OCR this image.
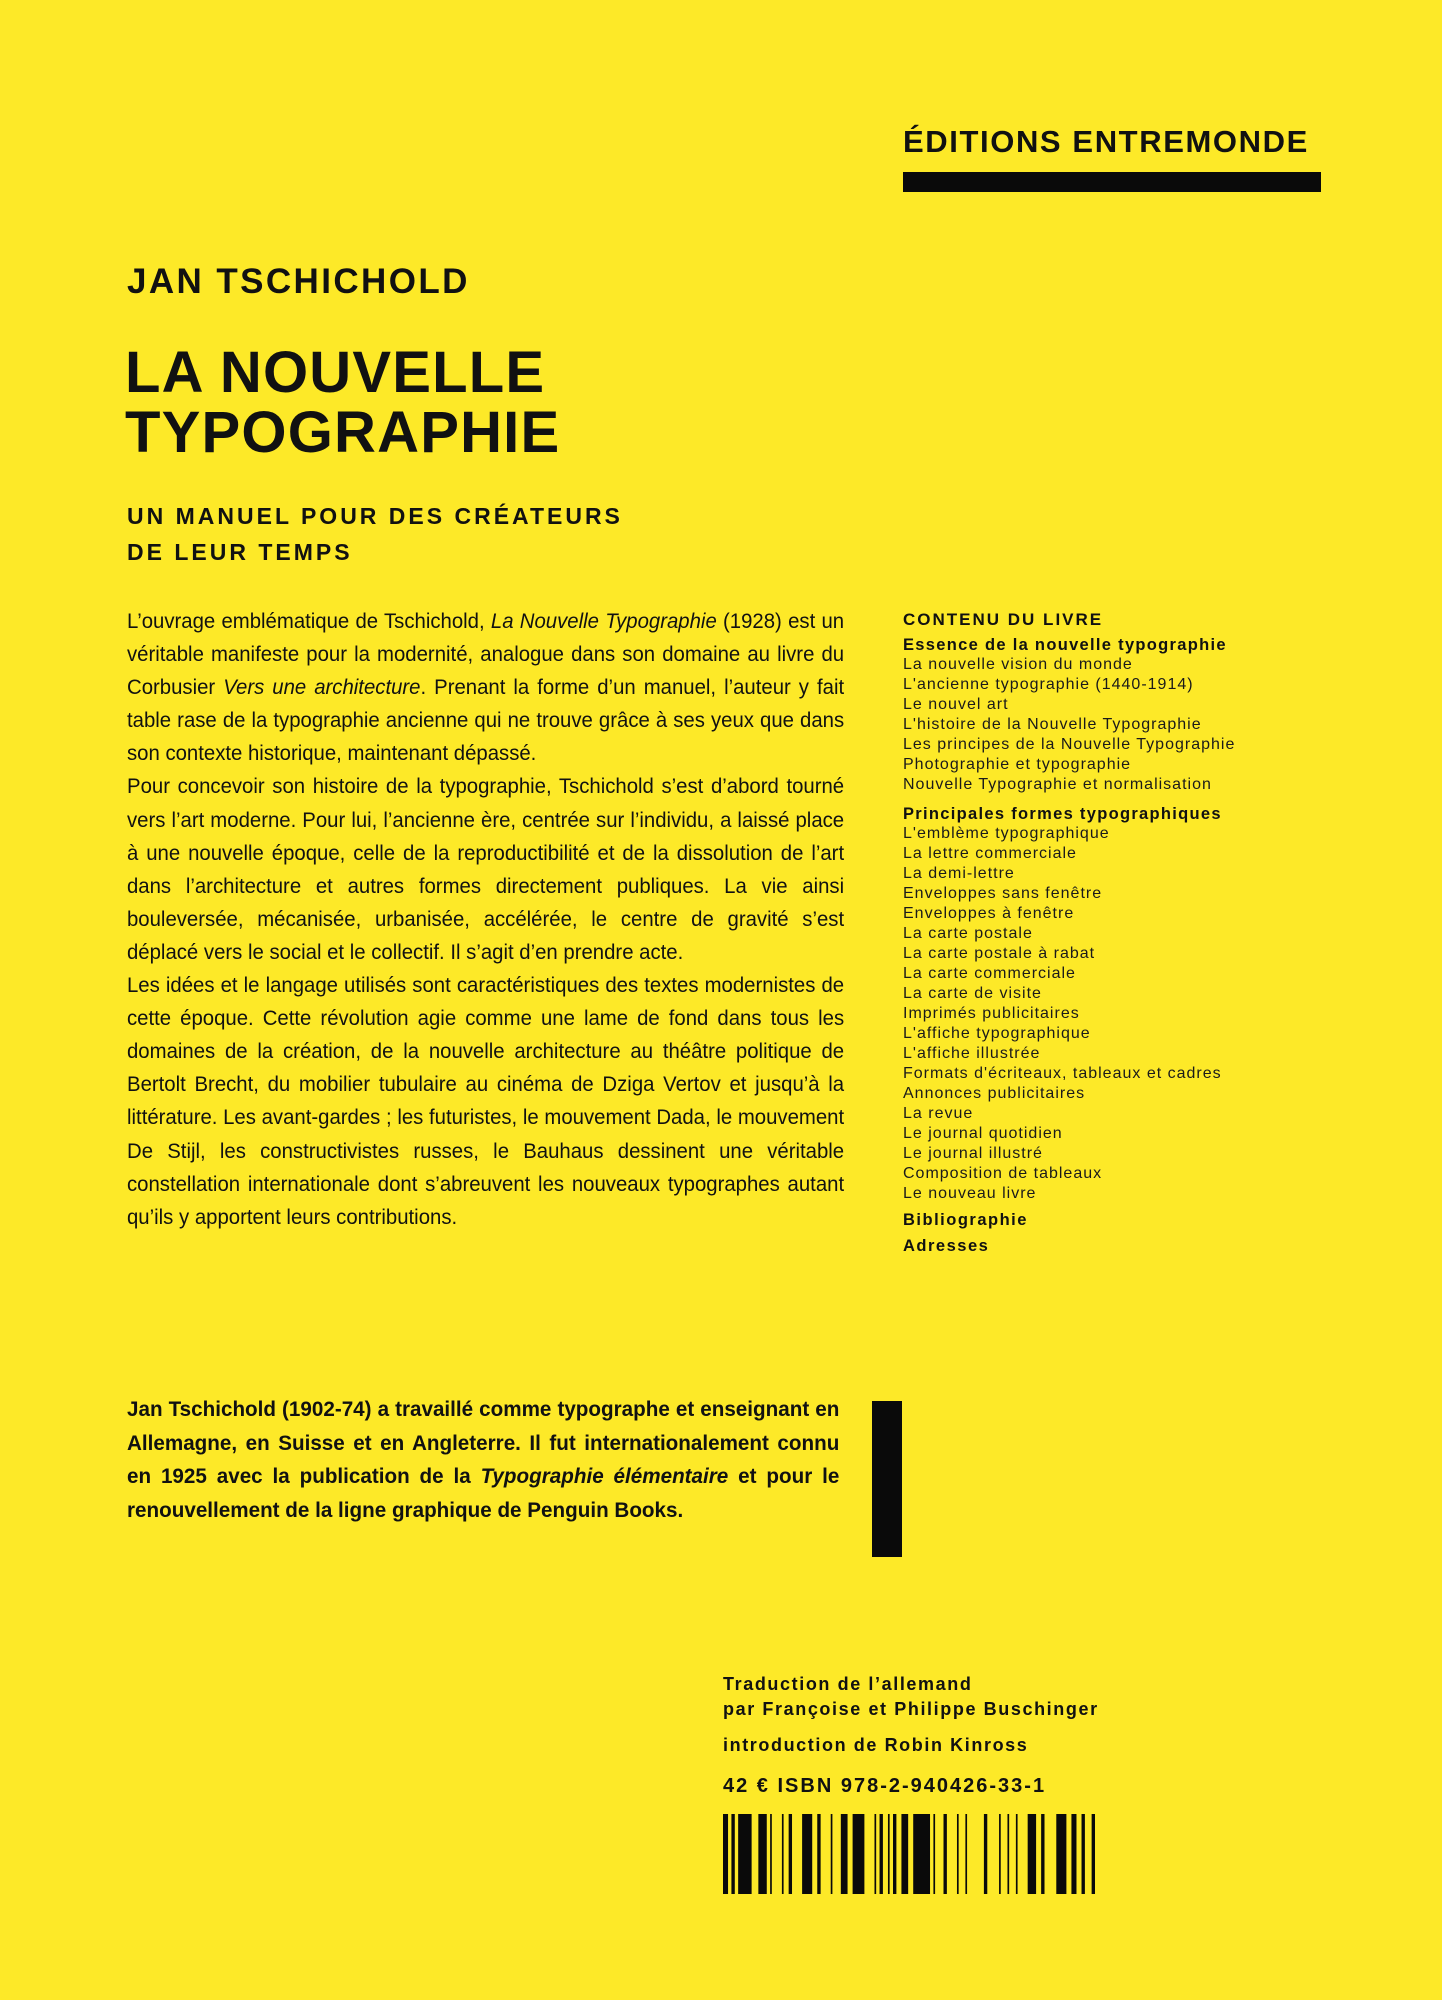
ÉDITIONS ENTREMONDE
JAN TSCHICHOLD
LA NOUVELLE
TYPOGRAPHIE
UN MANUEL POUR DES CRÉATEURS
DE LEUR TEMPS

L’ouvrage emblématique de Tschichold, La Nouvelle Typographie (1928) est un véritable manifeste pour la modernité, analogue dans son domaine au livre du Corbusier Vers une architecture. Prenant la forme d’un manuel, l’auteur y fait table rase de la typographie ancienne qui ne trouve grâce à ses yeux que dans son contexte historique, maintenant dépassé.

Pour concevoir son histoire de la typographie, Tschichold s’est d’abord tourné vers l’art moderne. Pour lui, l’ancienne ère, centrée sur l’individu, a laissé place à une nouvelle époque, celle de la reproductibilité et de la dissolution de l’art dans l’architecture et autres formes directement publiques. La vie ainsi bouleversée, mécanisée, urbanisée, accélérée, le centre de gravité s’est déplacé vers le social et le collectif. Il s’agit d’en prendre acte.

Les idées et le langage utilisés sont caractéristiques des textes modernistes de cette époque. Cette révolution agie comme une lame de fond dans tous les domaines de la création, de la nouvelle architecture au théâtre politique de Bertolt Brecht, du mobilier tubulaire au cinéma de Dziga Vertov et jusqu’à la littérature. Les avant-gardes ; les futuristes, le mouvement Dada, le mouvement De Stijl, les constructivistes russes, le Bauhaus dessinent une véritable constellation internationale dont s’abreuvent les nouveaux typographes autant qu’ils y apportent leurs contributions.

Jan Tschichold (1902-74) a travaillé comme typographe et enseignant en Allemagne, en Suisse et en Angleterre. Il fut internationalement connu en 1925 avec la publication de la Typographie élémentaire et pour le renouvellement de la ligne graphique de Penguin Books.
CONTENU DU LIVRE
Essence de la nouvelle typographie
La nouvelle vision du monde
L'ancienne typographie (1440-1914)
Le nouvel art
L'histoire de la Nouvelle Typographie
Les principes de la Nouvelle Typographie
Photographie et typographie
Nouvelle Typographie et normalisation
Principales formes typographiques
L'emblème typographique
La lettre commerciale
La demi-lettre
Enveloppes sans fenêtre
Enveloppes à fenêtre
La carte postale
La carte postale à rabat
La carte commerciale
La carte de visite
Imprimés publicitaires
L'affiche typographique
L'affiche illustrée
Formats d'écriteaux, tableaux et cadres
Annonces publicitaires
La revue
Le journal quotidien
Le journal illustré
Composition de tableaux
Le nouveau livre
Bibliographie
Adresses
Traduction de l’allemand
par Françoise et Philippe Buschinger
introduction de Robin Kinross
42 € ISBN 978-2-940426-33-1
